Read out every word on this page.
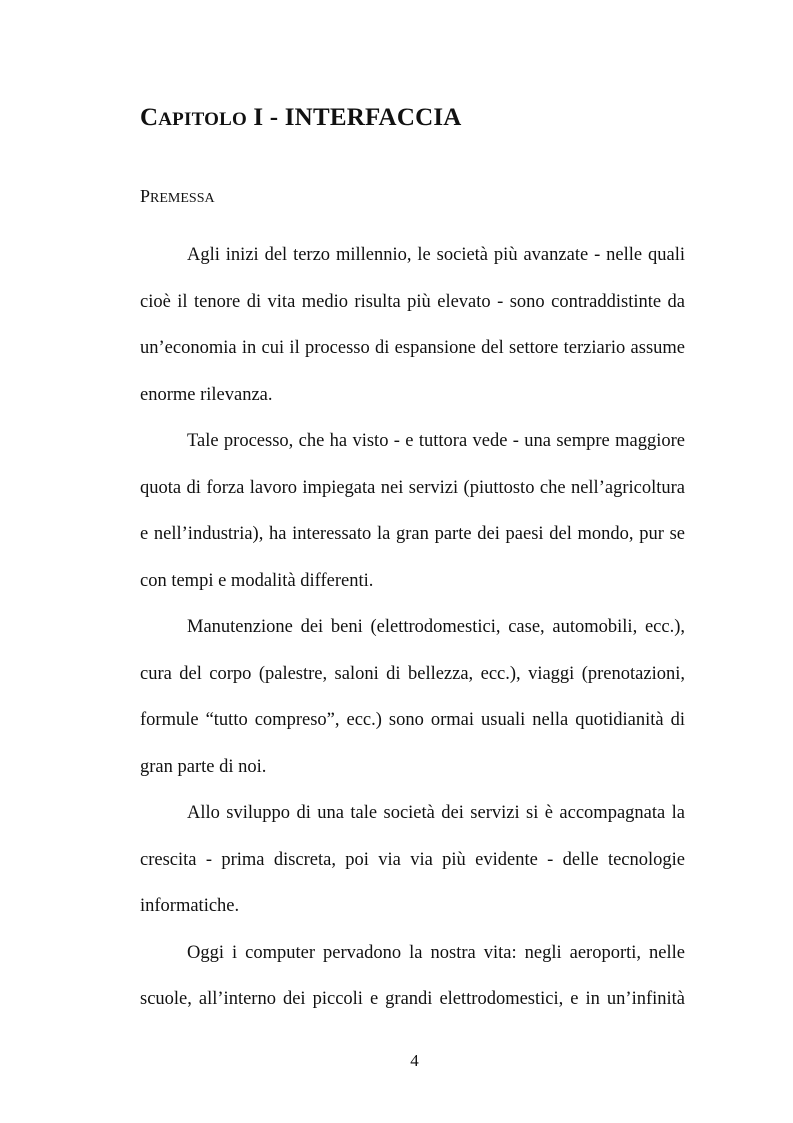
CAPITOLO I - INTERFACCIA
PREMESSA

Agli inizi del terzo millennio, le società più avanzate - nelle quali cioè il tenore di vita medio risulta più elevato - sono contraddistinte da un’economia in cui il processo di espansione del settore terziario assume enorme rilevanza.

Tale processo, che ha visto - e tuttora vede - una sempre maggiore quota di forza lavoro impiegata nei servizi (piuttosto che nell’agricoltura e nell’industria), ha interessato la gran parte dei paesi del mondo, pur se con tempi e modalità differenti.

Manutenzione dei beni (elettrodomestici, case, automobili, ecc.), cura del corpo (palestre, saloni di bellezza, ecc.), viaggi (prenotazioni, formule “tutto compreso”, ecc.) sono ormai usuali nella quotidianità di gran parte di noi.

Allo sviluppo di una tale società dei servizi si è accompagnata la crescita - prima discreta, poi via via più evidente - delle tecnologie informatiche.

Oggi i computer pervadono la nostra vita: negli aeroporti, nelle scuole, all’interno dei piccoli e grandi elettrodomestici, e in un’infinità

4
